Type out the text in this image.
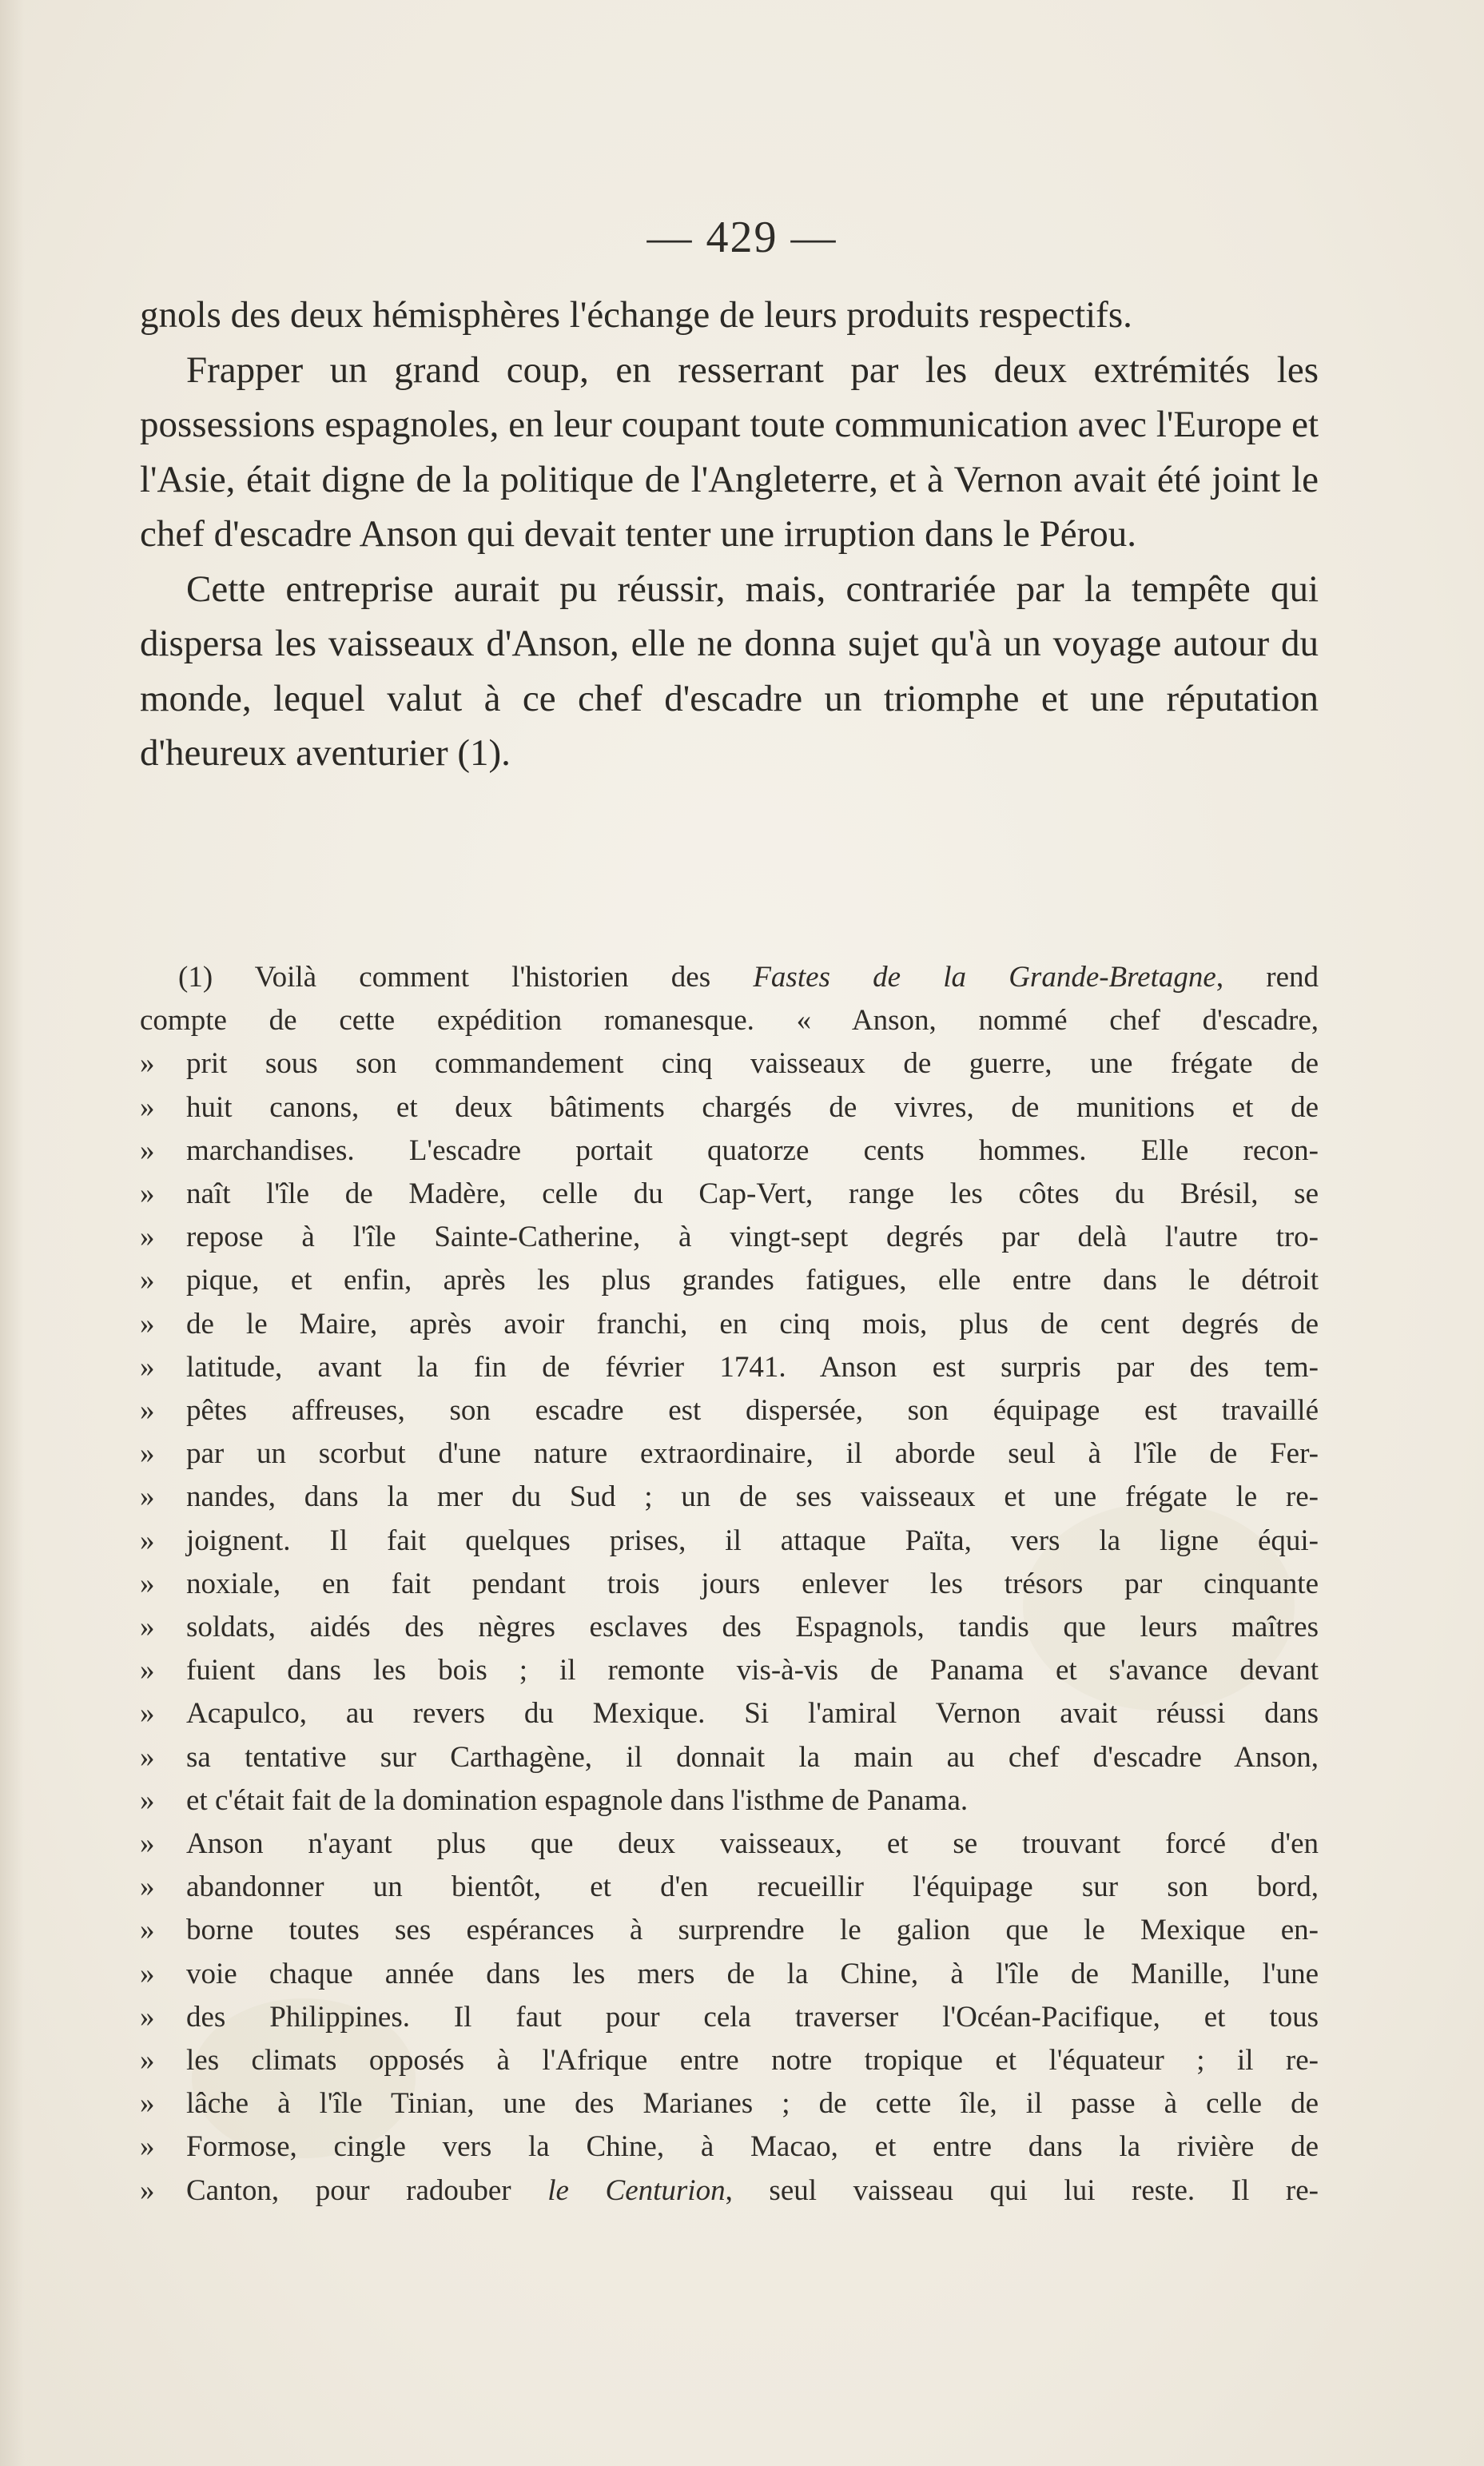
— 429 —

gnols des deux hémisphères l'échange de leurs produits respectifs.

Frapper un grand coup, en resserrant par les deux extrémités les possessions espagnoles, en leur coupant toute communication avec l'Europe et l'Asie, était digne de la politique de l'Angleterre, et à Vernon avait été joint le chef d'escadre Anson qui devait tenter une irruption dans le Pérou.

Cette entreprise aurait pu réussir, mais, contrariée par la tempête qui dispersa les vaisseaux d'Anson, elle ne donna sujet qu'à un voyage autour du monde, lequel valut à ce chef d'escadre un triomphe et une réputation d'heureux aventurier (1).

(1) Voilà comment l'historien des Fastes de la Grande-Bretagne, rend
compte de cette expédition romanesque. « Anson, nommé chef d'escadre,
» prit sous son commandement cinq vaisseaux de guerre, une frégate de
» huit canons, et deux bâtiments chargés de vivres, de munitions et de
» marchandises. L'escadre portait quatorze cents hommes. Elle recon-
» naît l'île de Madère, celle du Cap-Vert, range les côtes du Brésil, se
» repose à l'île Sainte-Catherine, à vingt-sept degrés par delà l'autre tro-
» pique, et enfin, après les plus grandes fatigues, elle entre dans le détroit
» de le Maire, après avoir franchi, en cinq mois, plus de cent degrés de
» latitude, avant la fin de février 1741. Anson est surpris par des tem-
» pêtes affreuses, son escadre est dispersée, son équipage est travaillé
» par un scorbut d'une nature extraordinaire, il aborde seul à l'île de Fer-
» nandes, dans la mer du Sud ; un de ses vaisseaux et une frégate le re-
» joignent. Il fait quelques prises, il attaque Païta, vers la ligne équi-
» noxiale, en fait pendant trois jours enlever les trésors par cinquante
» soldats, aidés des nègres esclaves des Espagnols, tandis que leurs maîtres
» fuient dans les bois ; il remonte vis-à-vis de Panama et s'avance devant
» Acapulco, au revers du Mexique. Si l'amiral Vernon avait réussi dans
» sa tentative sur Carthagène, il donnait la main au chef d'escadre Anson,
» et c'était fait de la domination espagnole dans l'isthme de Panama.
» Anson n'ayant plus que deux vaisseaux, et se trouvant forcé d'en
» abandonner un bientôt, et d'en recueillir l'équipage sur son bord,
» borne toutes ses espérances à surprendre le galion que le Mexique en-
» voie chaque année dans les mers de la Chine, à l'île de Manille, l'une
» des Philippines. Il faut pour cela traverser l'Océan-Pacifique, et tous
» les climats opposés à l'Afrique entre notre tropique et l'équateur ; il re-
» lâche à l'île Tinian, une des Marianes ; de cette île, il passe à celle de
» Formose, cingle vers la Chine, à Macao, et entre dans la rivière de
» Canton, pour radouber le Centurion, seul vaisseau qui lui reste. Il re-
